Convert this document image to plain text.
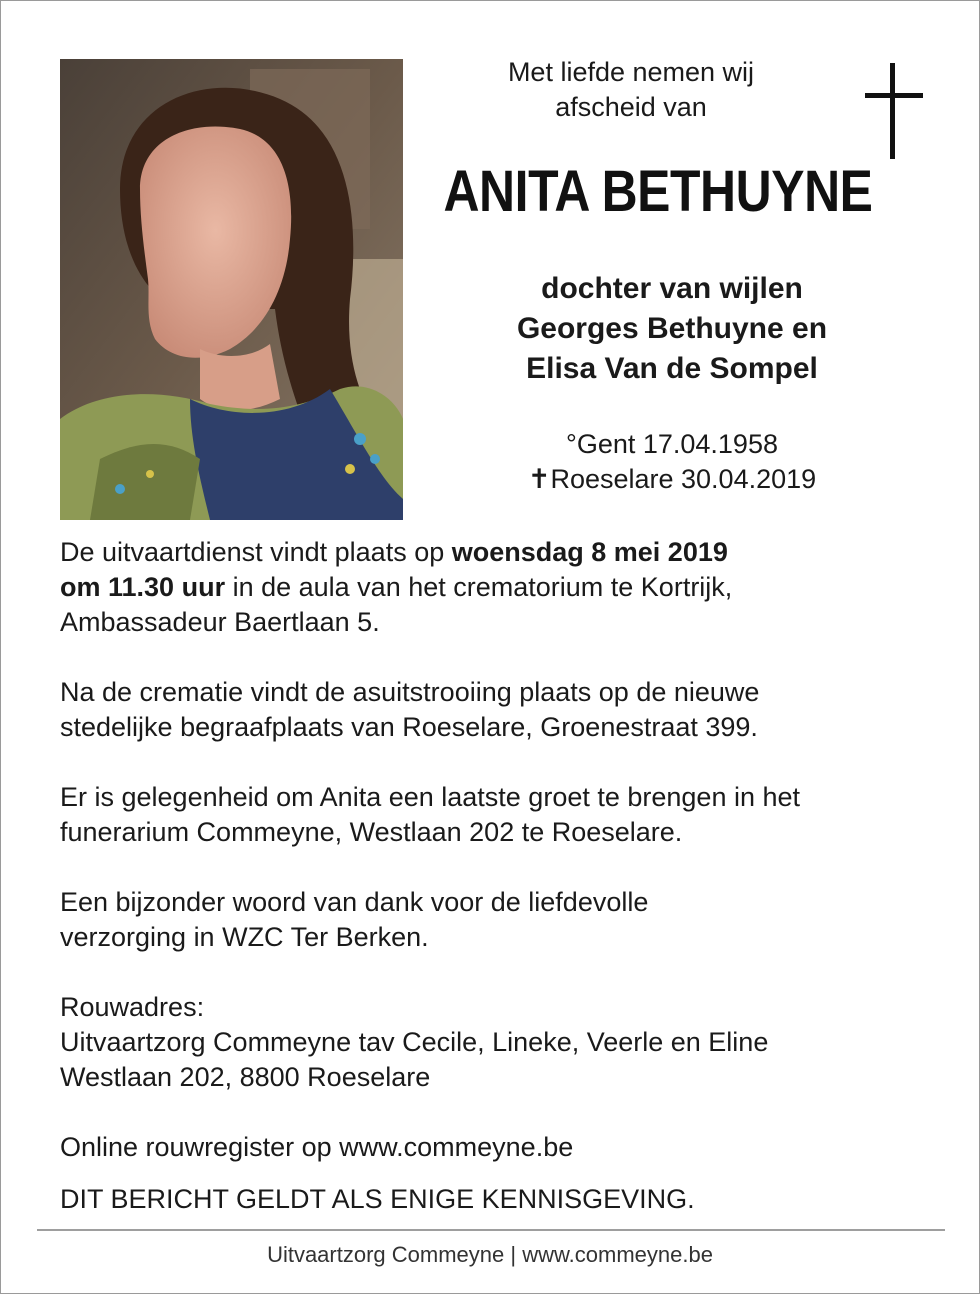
Met liefde nemen wij
afscheid van
ANITA BETHUYNE
dochter van wijlen
Georges Bethuyne en
Elisa Van de Sompel
°Gent 17.04.1958
✝Roeselare 30.04.2019

De uitvaartdienst vindt plaats op woensdag 8 mei 2019
om 11.30 uur in de aula van het crematorium te Kortrijk,
Ambassadeur Baertlaan 5.

Na de crematie vindt de asuitstrooiing plaats op de nieuwe
stedelijke begraafplaats van Roeselare, Groenestraat 399.

Er is gelegenheid om Anita een laatste groet te brengen in het
funerarium Commeyne, Westlaan 202 te Roeselare.

Een bijzonder woord van dank voor de liefdevolle
verzorging in WZC Ter Berken.

Rouwadres:
Uitvaartzorg Commeyne tav Cecile, Lineke, Veerle en Eline
Westlaan 202, 8800 Roeselare

Online rouwregister op www.commeyne.be

DIT BERICHT GELDT ALS ENIGE KENNISGEVING.

Uitvaartzorg Commeyne | www.commeyne.be
